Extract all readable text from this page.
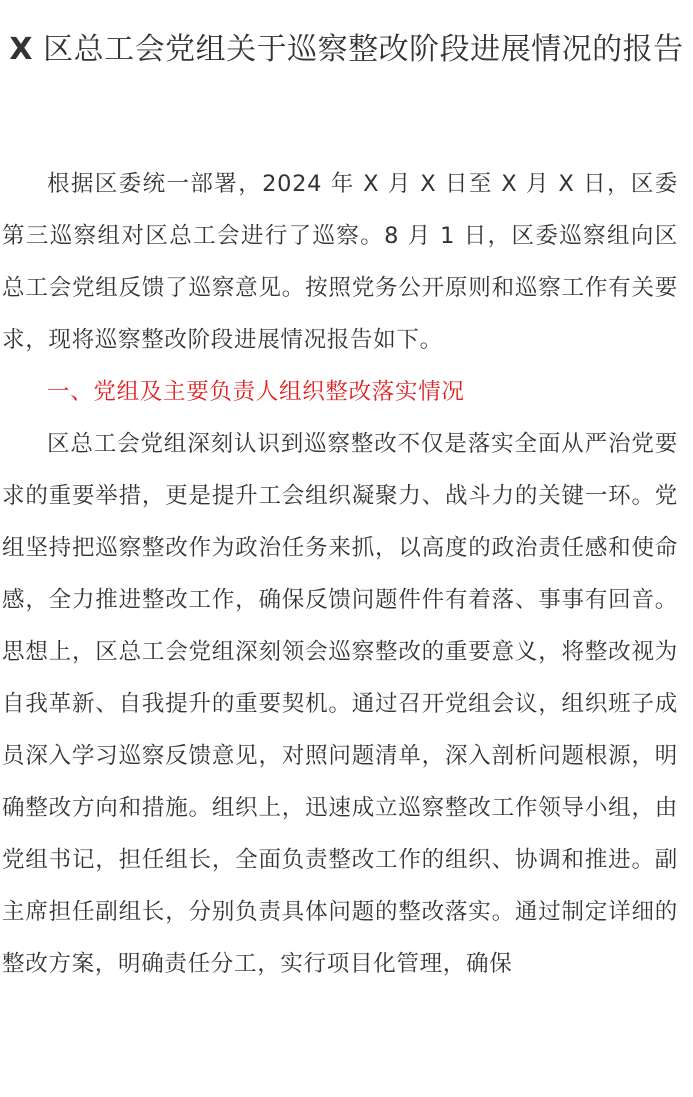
X 区总工会党组关于巡察整改阶段进展情况的报告

根据区委统一部署，2024 年 X 月 X 日至 X 月 X 日，区委第三巡察组对区总工会进行了巡察。8 月 1 日，区委巡察组向区总工会党组反馈了巡察意见。按照党务公开原则和巡察工作有关要求，现将巡察整改阶段进展情况报告如下。

一、党组及主要负责人组织整改落实情况

区总工会党组深刻认识到巡察整改不仅是落实全面从严治党要求的重要举措，更是提升工会组织凝聚力、战斗力的关键一环。党组坚持把巡察整改作为政治任务来抓，以高度的政治责任感和使命感，全力推进整改工作，确保反馈问题件件有着落、事事有回音。思想上，区总工会党组深刻领会巡察整改的重要意义，将整改视为自我革新、自我提升的重要契机。通过召开党组会议，组织班子成员深入学习巡察反馈意见，对照问题清单，深入剖析问题根源，明确整改方向和措施。组织上，迅速成立巡察整改工作领导小组，由党组书记，担任组长，全面负责整改工作的组织、协调和推进。副主席担任副组长，分别负责具体问题的整改落实。通过制定详细的整改方案，明确责任分工，实行项目化管理，确保
